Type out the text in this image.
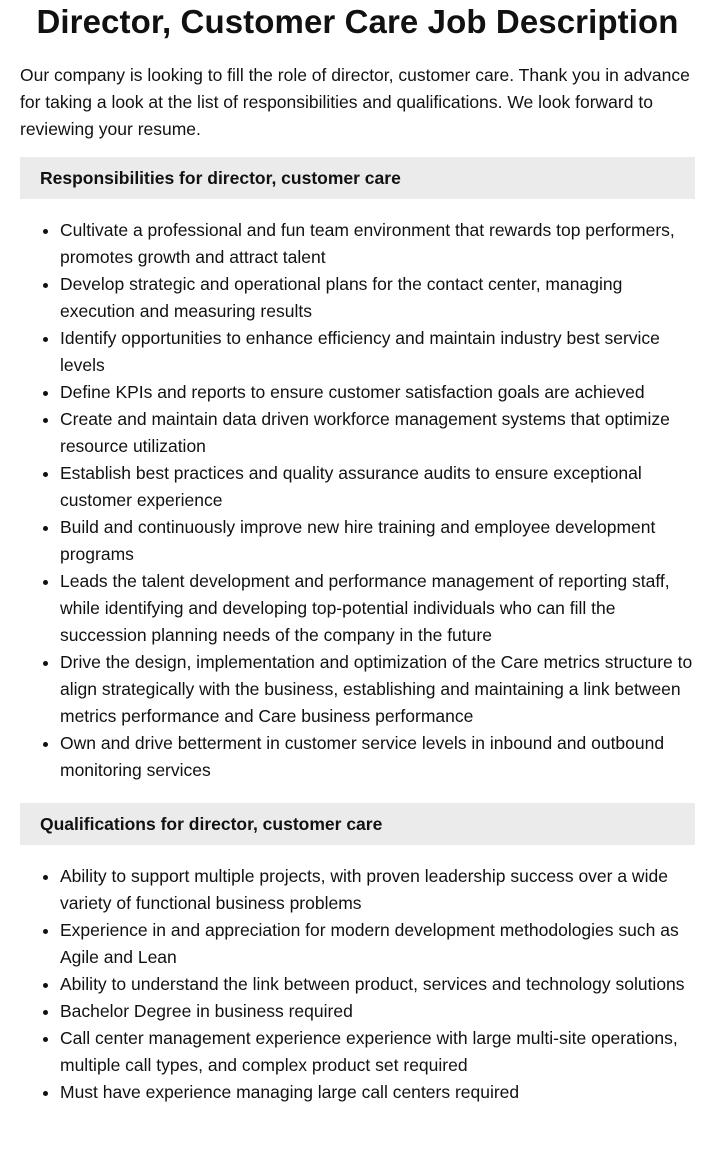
Director, Customer Care Job Description

Our company is looking to fill the role of director, customer care. Thank you in advance for taking a look at the list of responsibilities and qualifications. We look forward to reviewing your resume.

Responsibilities for director, customer care
• Cultivate a professional and fun team environment that rewards top performers, promotes growth and attract talent
• Develop strategic and operational plans for the contact center, managing execution and measuring results
• Identify opportunities to enhance efficiency and maintain industry best service levels
• Define KPIs and reports to ensure customer satisfaction goals are achieved
• Create and maintain data driven workforce management systems that optimize resource utilization
• Establish best practices and quality assurance audits to ensure exceptional customer experience
• Build and continuously improve new hire training and employee development programs
• Leads the talent development and performance management of reporting staff, while identifying and developing top-potential individuals who can fill the succession planning needs of the company in the future
• Drive the design, implementation and optimization of the Care metrics structure to align strategically with the business, establishing and maintaining a link between metrics performance and Care business performance
• Own and drive betterment in customer service levels in inbound and outbound monitoring services
Qualifications for director, customer care
• Ability to support multiple projects, with proven leadership success over a wide variety of functional business problems
• Experience in and appreciation for modern development methodologies such as Agile and Lean
• Ability to understand the link between product, services and technology solutions
• Bachelor Degree in business required
• Call center management experience experience with large multi-site operations, multiple call types, and complex product set required
• Must have experience managing large call centers required
